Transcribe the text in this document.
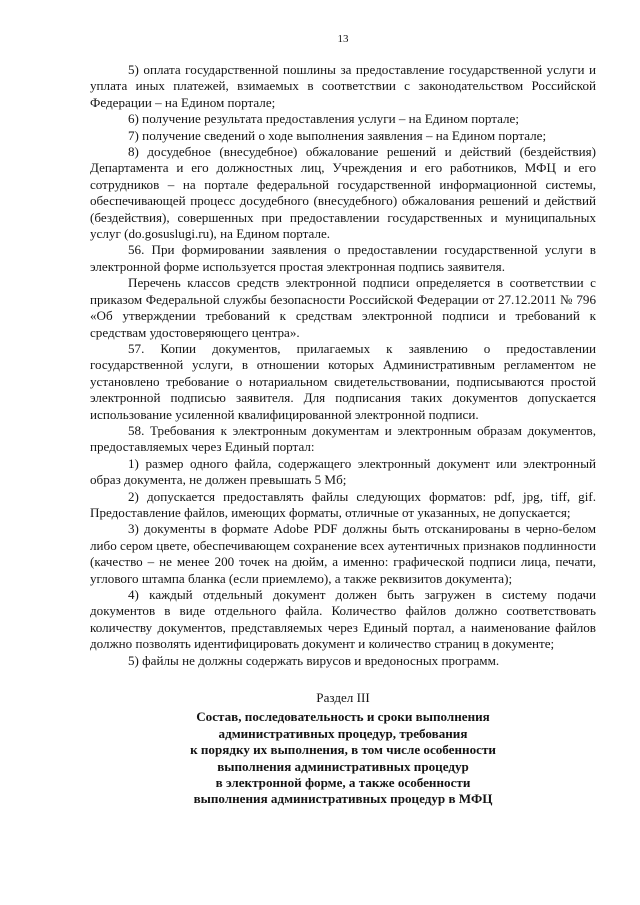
13

5) оплата государственной пошлины за предоставление государственной услуги и уплата иных платежей, взимаемых в соответствии с законодательством Российской Федерации – на Едином портале;

6) получение результата предоставления услуги – на Едином портале;

7) получение сведений о ходе выполнения заявления – на Едином портале;

8) досудебное (внесудебное) обжалование решений и действий (бездействия) Департамента и его должностных лиц, Учреждения и его работников, МФЦ и его сотрудников – на портале федеральной государственной информационной системы, обеспечивающей процесс досудебного (внесудебного) обжалования решений и действий (бездействия), совершенных при предоставлении государственных и муниципальных услуг (do.gosuslugi.ru), на Едином портале.

56. При формировании заявления о предоставлении государственной услуги в электронной форме используется простая электронная подпись заявителя.

Перечень классов средств электронной подписи определяется в соответствии с приказом Федеральной службы безопасности Российской Федерации от 27.12.2011 № 796 «Об утверждении требований к средствам электронной подписи и требований к средствам удостоверяющего центра».

57. Копии документов, прилагаемых к заявлению о предоставлении государственной услуги, в отношении которых Административным регламентом не установлено требование о нотариальном свидетельствовании, подписываются простой электронной подписью заявителя. Для подписания таких документов допускается использование усиленной квалифицированной электронной подписи.

58. Требования к электронным документам и электронным образам документов, предоставляемых через Единый портал:

1) размер одного файла, содержащего электронный документ или электронный образ документа, не должен превышать 5 Мб;

2) допускается предоставлять файлы следующих форматов: pdf, jpg, tiff, gif. Предоставление файлов, имеющих форматы, отличные от указанных, не допускается;

3) документы в формате Adobe PDF должны быть отсканированы в черно-белом либо сером цвете, обеспечивающем сохранение всех аутентичных признаков подлинности (качество – не менее 200 точек на дюйм, а именно: графической подписи лица, печати, углового штампа бланка (если приемлемо), а также реквизитов документа);

4) каждый отдельный документ должен быть загружен в систему подачи документов в виде отдельного файла. Количество файлов должно соответствовать количеству документов, представляемых через Единый портал, а наименование файлов должно позволять идентифицировать документ и количество страниц в документе;

5) файлы не должны содержать вирусов и вредоносных программ.

Раздел III
Состав, последовательность и сроки выполнения
административных процедур, требования
к порядку их выполнения, в том числе особенности
выполнения административных процедур
в электронной форме, а также особенности
выполнения административных процедур в МФЦ
